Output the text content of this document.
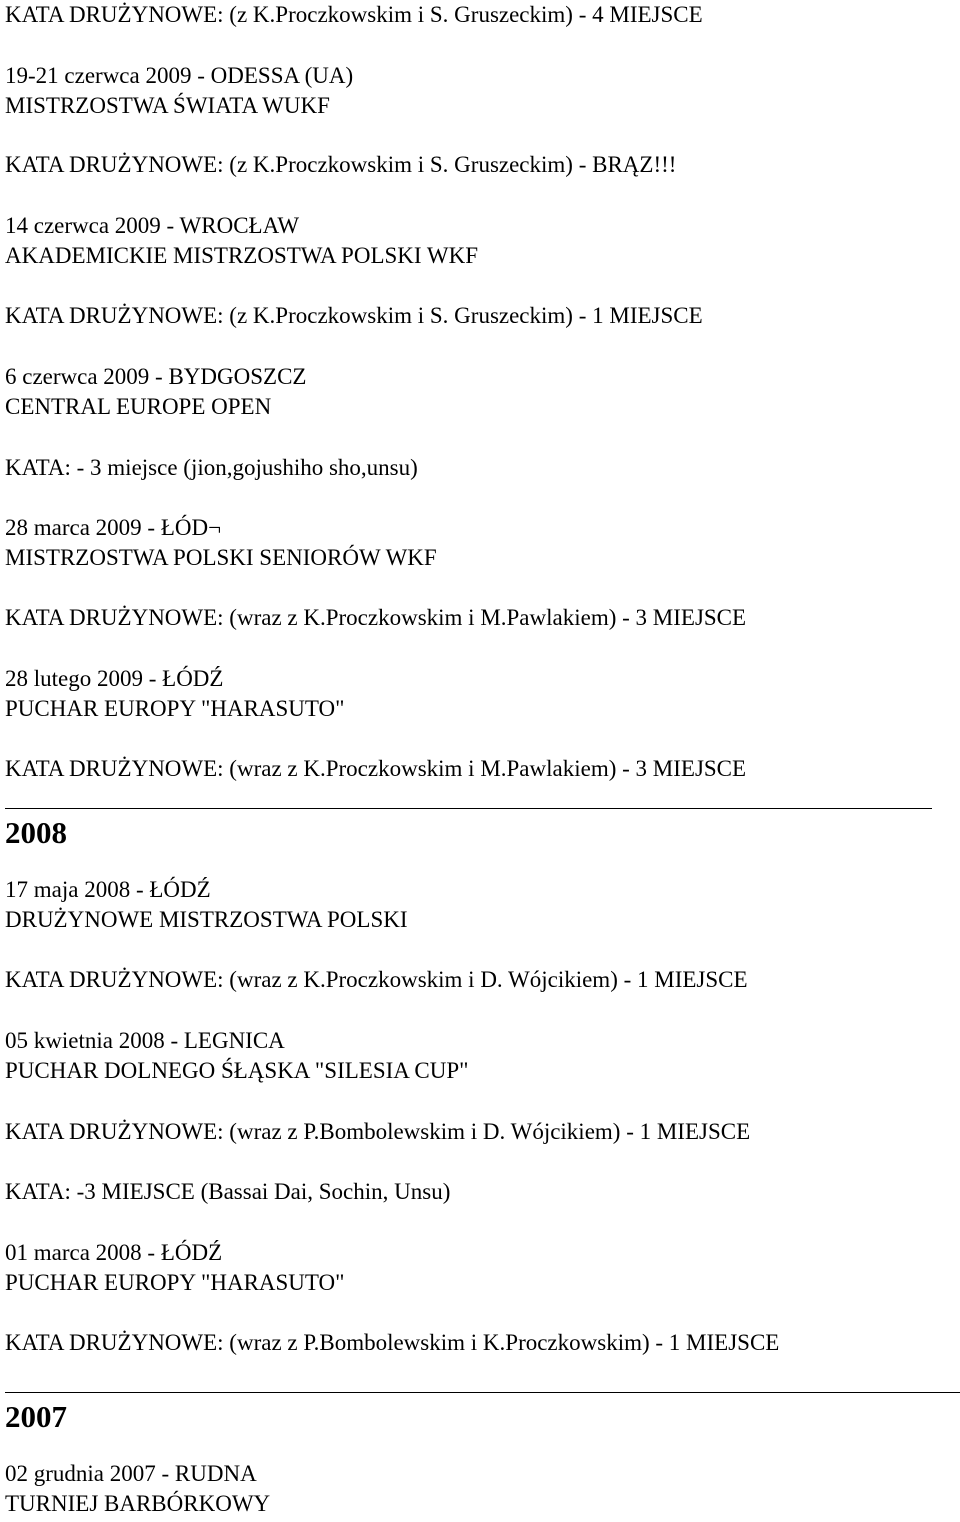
KATA DRUŻYNOWE: (z K.Proczkowskim i S. Gruszeckim) - 4 MIEJSCE
19-21 czerwca 2009 - ODESSA (UA)
MISTRZOSTWA ŚWIATA WUKF
KATA DRUŻYNOWE: (z K.Proczkowskim i S. Gruszeckim) - BRĄZ!!!
14 czerwca 2009 - WROCŁAW
AKADEMICKIE MISTRZOSTWA POLSKI WKF
KATA DRUŻYNOWE: (z K.Proczkowskim i S. Gruszeckim) - 1 MIEJSCE
6 czerwca 2009 - BYDGOSZCZ
CENTRAL EUROPE OPEN
KATA: - 3 miejsce (jion,gojushiho sho,unsu)
28 marca 2009 - ŁÓD¬
MISTRZOSTWA POLSKI SENIORÓW WKF
KATA DRUŻYNOWE: (wraz z K.Proczkowskim i M.Pawlakiem) - 3 MIEJSCE
28 lutego 2009 - ŁÓDŹ
PUCHAR EUROPY "HARASUTO"
KATA DRUŻYNOWE: (wraz z K.Proczkowskim i M.Pawlakiem) - 3 MIEJSCE
2008
17 maja 2008 - ŁÓDŹ
DRUŻYNOWE MISTRZOSTWA POLSKI
KATA DRUŻYNOWE: (wraz z K.Proczkowskim i D. Wójcikiem) - 1 MIEJSCE
05 kwietnia 2008 - LEGNICA
PUCHAR DOLNEGO ŚŁĄSKA "SILESIA CUP"
KATA DRUŻYNOWE: (wraz z P.Bombolewskim i D. Wójcikiem) - 1 MIEJSCE
KATA: -3 MIEJSCE (Bassai Dai, Sochin, Unsu)
01 marca 2008 - ŁÓDŹ
PUCHAR EUROPY "HARASUTO"
KATA DRUŻYNOWE: (wraz z P.Bombolewskim i K.Proczkowskim) - 1 MIEJSCE
2007
02 grudnia 2007 - RUDNA
TURNIEJ BARBÓRKOWY
